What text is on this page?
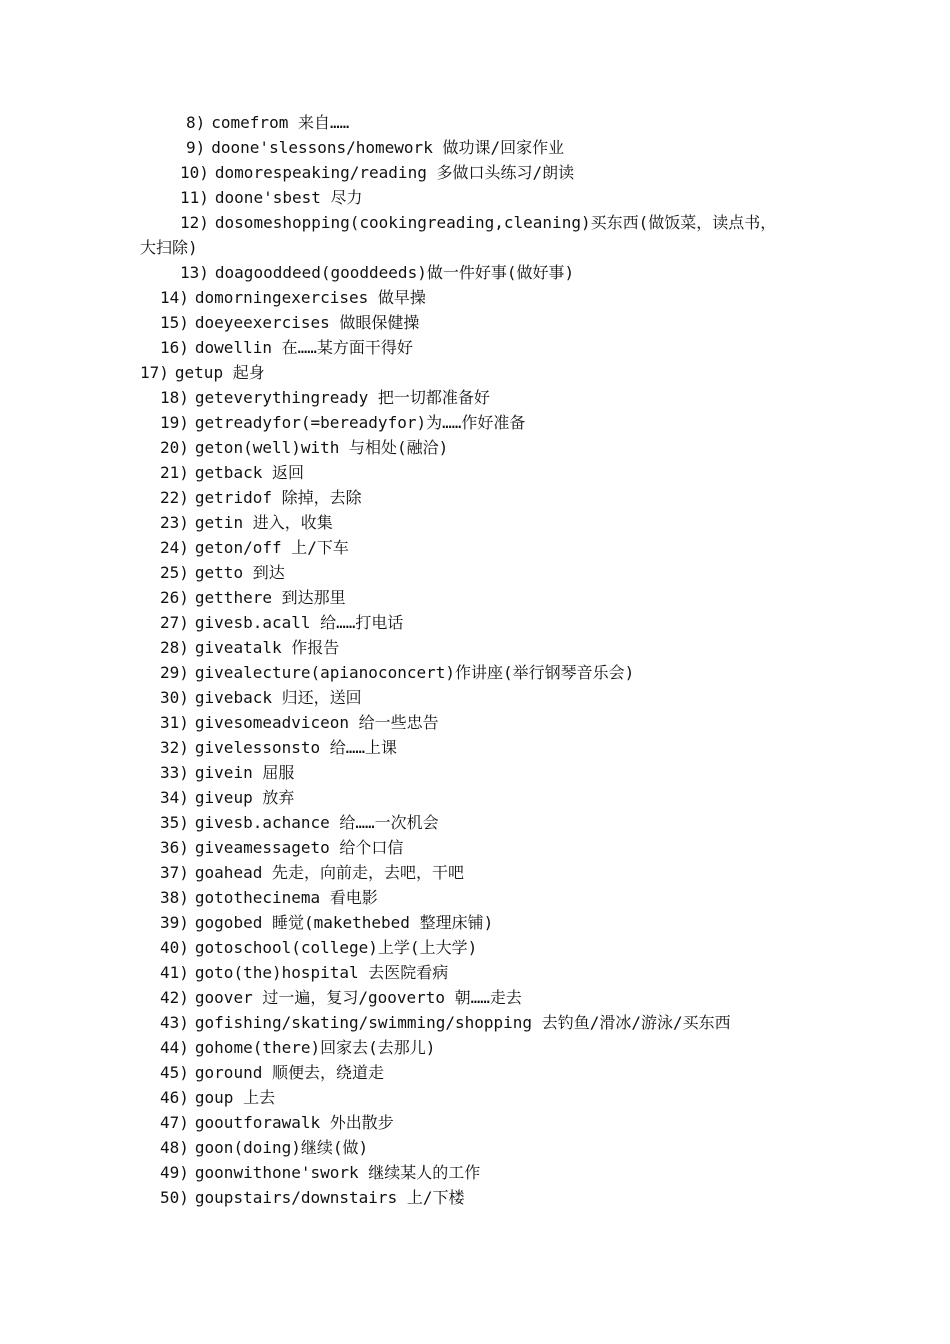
8) comefrom 来自……
9) doone'slessons/homework 做功课/回家作业
10) domorespeaking/reading 多做口头练习/朗读
11) doone'sbest 尽力
12) dosomeshopping(cookingreading,cleaning)买东西(做饭菜，读点书，
大扫除)
13) doagooddeed(gooddeeds)做一件好事(做好事)
14) domorningexercises 做早操
15) doeyeexercises 做眼保健操
16) dowellin 在……某方面干得好
17) getup 起身
18) geteverythingready 把一切都准备好
19) getreadyfor(=bereadyfor)为……作好准备
20) geton(well)with 与相处(融洽)
21) getback 返回
22) getridof 除掉，去除
23) getin 进入，收集
24) geton/off 上/下车
25) getto 到达
26) getthere 到达那里
27) givesb.acall 给……打电话
28) giveatalk 作报告
29) givealecture(apianoconcert)作讲座(举行钢琴音乐会)
30) giveback 归还，送回
31) givesomeadviceon 给一些忠告
32) givelessonsto 给……上课
33) givein 屈服
34) giveup 放弃
35) givesb.achance 给……一次机会
36) giveamessageto 给个口信
37) goahead 先走，向前走，去吧，干吧
38) gotothecinema 看电影
39) gogobed 睡觉(makethebed 整理床铺)
40) gotoschool(college)上学(上大学)
41) goto(the)hospital 去医院看病
42) goover 过一遍，复习/gooverto 朝……走去
43) gofishing/skating/swimming/shopping 去钓鱼/滑冰/游泳/买东西
44) gohome(there)回家去(去那儿)
45) goround 顺便去，绕道走
46) goup 上去
47) gooutforawalk 外出散步
48) goon(doing)继续(做)
49) goonwithone'swork 继续某人的工作
50) goupstairs/downstairs 上/下楼
